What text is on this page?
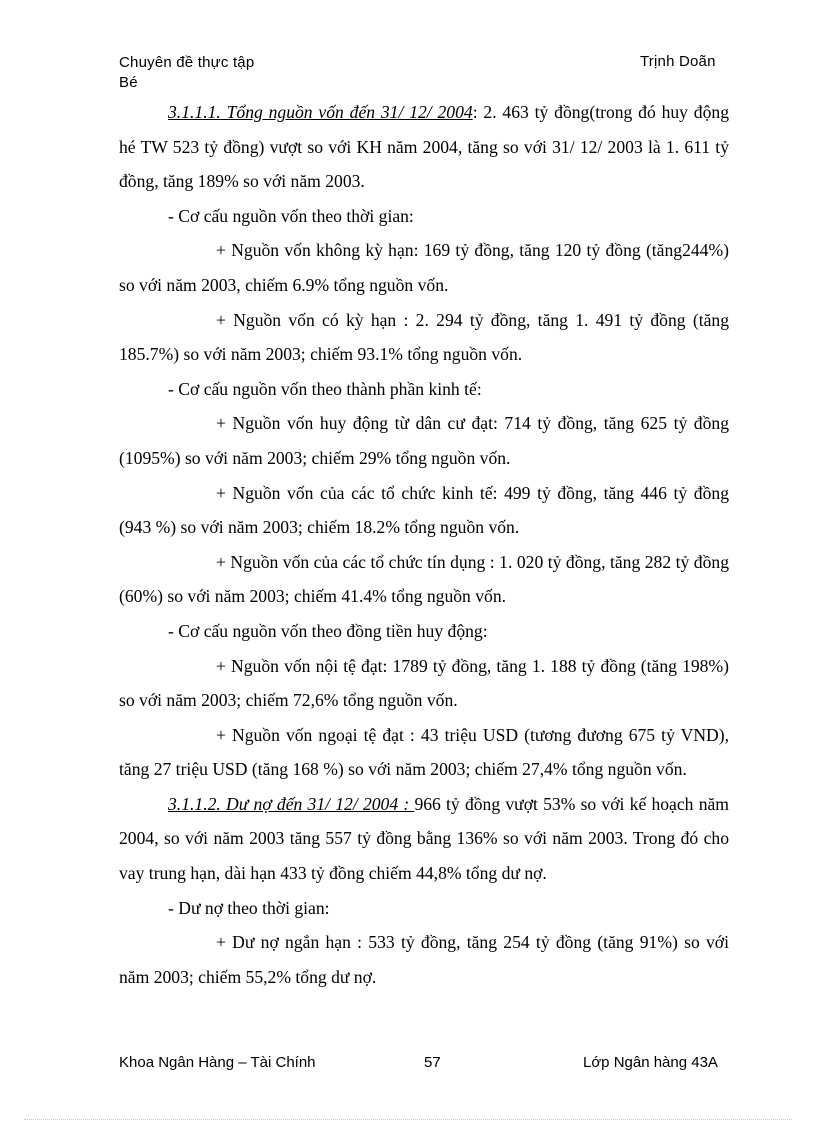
Chuyên đề thực tập Bé
Trịnh Doãn

3.1.1.1. Tổng nguồn vốn đến 31/ 12/ 2004: 2. 463 tỷ đồng(trong đó huy động hé TW 523 tỷ đồng) vượt so với KH năm 2004, tăng so với 31/ 12/ 2003 là 1. 611 tỷ đồng, tăng 189% so với năm 2003.

- Cơ cấu nguồn vốn theo thời gian:

+ Nguồn vốn không kỳ hạn: 169 tỷ đồng, tăng 120 tỷ đồng (tăng244%) so với năm 2003, chiếm 6.9% tổng nguồn vốn.

+ Nguồn vốn có kỳ hạn : 2. 294 tỷ đồng, tăng 1. 491 tỷ đồng (tăng 185.7%) so với năm 2003; chiếm 93.1% tổng nguồn vốn.

- Cơ cấu nguồn vốn theo thành phần kinh tế:

+ Nguồn vốn huy động từ dân cư đạt: 714 tỷ đồng, tăng 625 tỷ đồng (1095%) so với năm 2003; chiếm 29% tổng nguồn vốn.

+ Nguồn vốn của các tổ chức kinh tế: 499 tỷ đồng, tăng 446 tỷ đồng (943 %) so với năm 2003; chiếm 18.2% tổng nguồn vốn.

+ Nguồn vốn của các tổ chức tín dụng : 1. 020 tỷ đồng, tăng 282 tỷ đồng (60%) so với năm 2003; chiếm 41.4% tổng nguồn vốn.

- Cơ cấu nguồn vốn theo đồng tiền huy động:

+ Nguồn vốn nội tệ đạt: 1789 tỷ đồng, tăng 1. 188 tỷ đồng (tăng 198%) so với năm 2003; chiếm 72,6% tổng nguồn vốn.

+ Nguồn vốn ngoại tệ đạt : 43 triệu USD (tương đương 675 tỷ VND), tăng 27 triệu USD (tăng 168 %) so với năm 2003; chiếm 27,4% tổng nguồn vốn.

3.1.1.2. Dư nợ đến 31/ 12/ 2004 : 966 tỷ đồng vượt 53% so với kế hoạch năm 2004, so với năm 2003 tăng 557 tỷ đồng bằng 136% so với năm 2003. Trong đó cho vay trung hạn, dài hạn 433 tỷ đồng chiếm 44,8% tổng dư nợ.

- Dư nợ theo thời gian:

+ Dư nợ ngắn hạn : 533 tỷ đồng, tăng 254 tỷ đồng (tăng 91%) so với năm 2003; chiếm 55,2% tổng dư nợ.

Khoa Ngân Hàng – Tài Chính	57	Lớp Ngân hàng 43A
